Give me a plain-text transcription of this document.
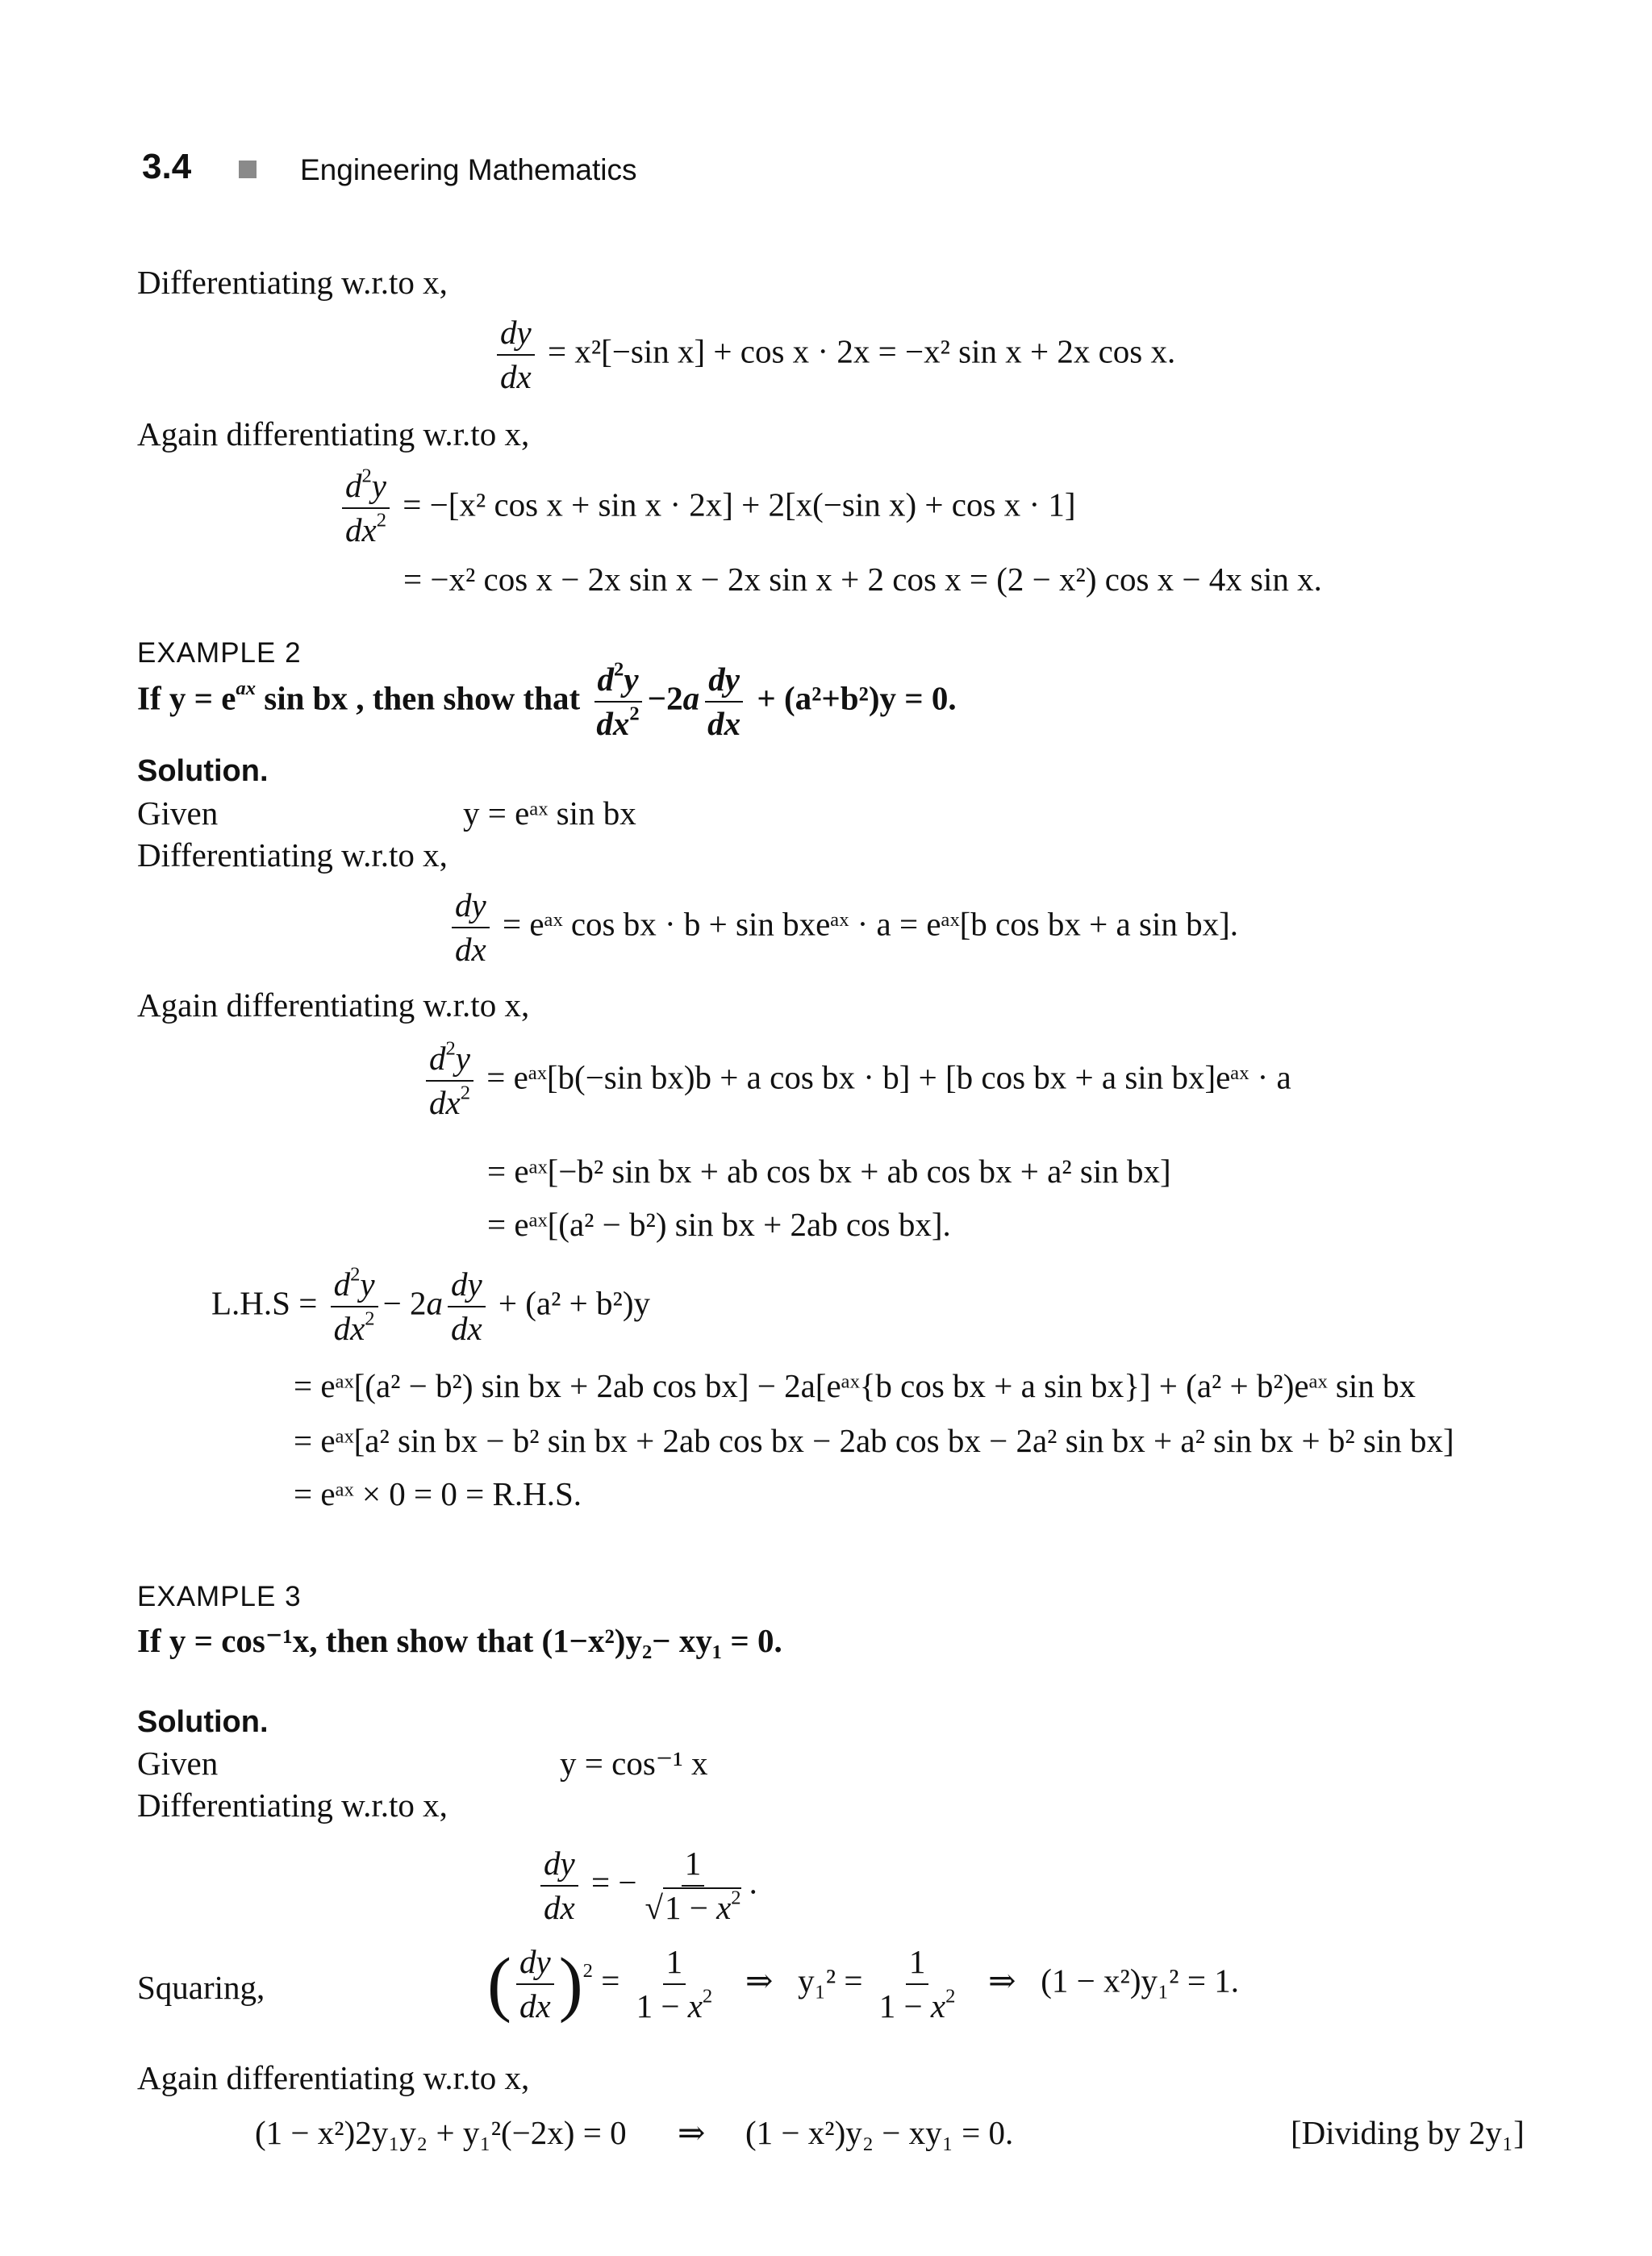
3.4	Engineering Mathematics
Differentiating w.r.to x,
$\frac{dy}{dx} = x^2[-\sin$ x] + cos x · 2x = −x² sin x + 2x cos x.
Again differentiating w.r.to x,
$\frac{d^2y}{dx^2} = -[x^2$ cos x + sin x · 2x] + 2[x(−sin x) + cos x · 1]
= −x² cos x − 2x sin x − 2x sin x + 2 cos x = (2 − x²) cos x − 4x sin x.
EXAMPLE 2
If $y = e^{ax}$ sin bx , then show that $\frac{d^2y}{dx^2} -2a \frac{dy}{dx} + (a^2+b^2)y = 0$.
Solution.
Given	y = eᵃˣ sin bx
Differentiating w.r.to x,
$\frac{dy}{dx}$ = eᵃˣ cos bx · b + sin bxeᵃˣ · a = eᵃˣ[b cos bx + a sin bx].
Again differentiating w.r.to x,
$\frac{d^2y}{dx^2}$ = eᵃˣ[b(−sin bx)b + a cos bx · b] + [b cos bx + a sin bx]eᵃˣ · a
= eᵃˣ[−b² sin bx + ab cos bx + ab cos bx + a² sin bx]
= eᵃˣ[(a² − b²) sin bx + 2ab cos bx].
$L.H.S = \frac{d^2y}{dx^2} - 2a \frac{dy}{dx} + (a^2 + b^2)y$
= eᵃˣ[(a² − b²) sin bx + 2ab cos bx] − 2a[eᵃˣ{b cos bx + a sin bx}] + (a² + b²)eᵃˣ sin bx
= eᵃˣ[a² sin bx − b² sin bx + 2ab cos bx − 2ab cos bx − 2a² sin bx + a² sin bx + b² sin bx]
= eᵃˣ × 0 = 0 = R.H.S.
EXAMPLE 3
If y = cos⁻¹x, then show that (1−x²)y₂− xy₁ = 0.
Solution.
Given	y = cos⁻¹ x
Differentiating w.r.to x,
$\frac{dy}{dx}$ = − $\frac{1}{√1 - x^2}$ .
Squaring,	( $\frac{dy}{dx} )^2 = \frac{1}{1 - x^2}$ ⇒   $y_1^2 = \frac{1}{1 - x^2}$ ⇒   (1 − x²)y₁² = 1.
Again differentiating w.r.to x,
(1 − x²)2y₁y₂ + y₁²(−2x) = 0 ⇒ (1 − x²)y₂ − xy₁ = 0.	[Dividing by 2y₁]
